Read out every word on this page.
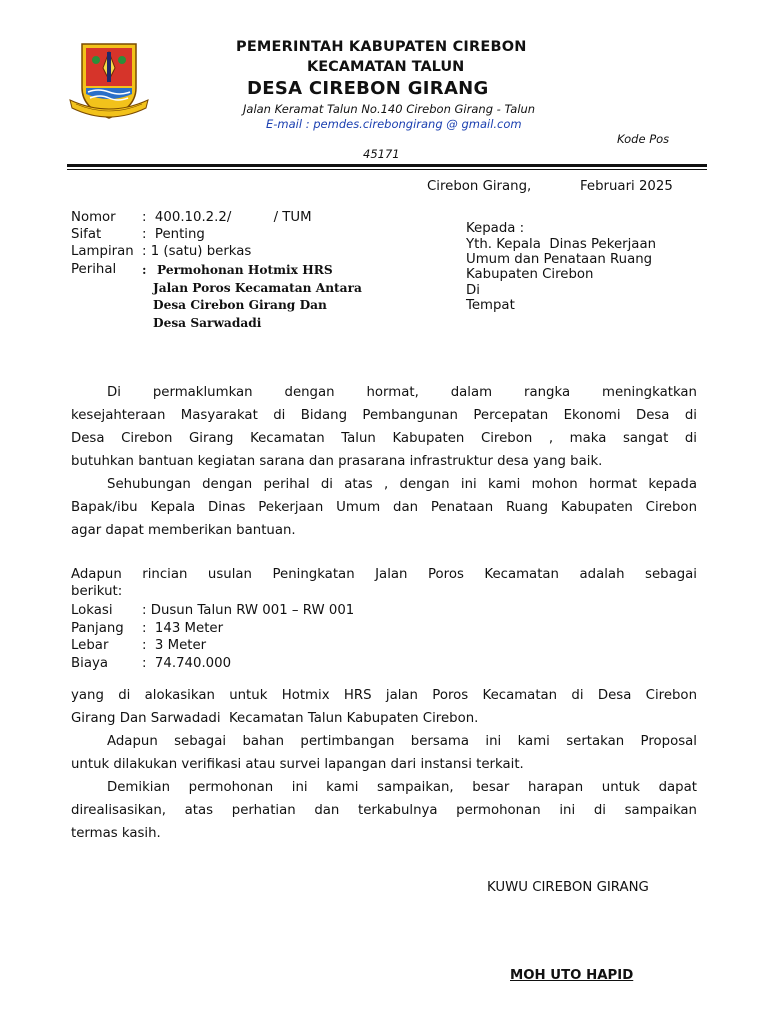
PEMERINTAH KABUPATEN CIREBON
KECAMATAN TALUN
DESA CIREBON GIRANG
Jalan Keramat Talun No.140 Cirebon Girang - Talun
E-mail : pemdes.cirebongirang @ gmail.com
Kode Pos
45171
Cirebon Girang,	Februari 2025
Nomor :  400.10.2.2/          / TUM
Sifat	:  Penting
Lampiran : 1 (satu) berkas
Perihal : Permohonan Hotmix HRS
Jalan Poros Kecamatan Antara
Desa Cirebon Girang Dan
Desa Sarwadadi
Kepada :
Yth. Kepala  Dinas Pekerjaan
Umum dan Penataan Ruang
Kabupaten Cirebon
Di
Tempat
Di permaklumkan dengan hormat, dalam rangka meningkatkan
kesejahteraan Masyarakat di Bidang Pembangunan Percepatan Ekonomi Desa di
Desa Cirebon Girang Kecamatan Talun Kabupaten Cirebon , maka sangat di
butuhkan bantuan kegiatan sarana dan prasarana infrastruktur desa yang baik.
Sehubungan dengan perihal di atas , dengan ini kami mohon hormat kepada
Bapak/ibu Kepala Dinas Pekerjaan Umum dan Penataan Ruang Kabupaten Cirebon
agar dapat memberikan bantuan.
Adapun rincian usulan Peningkatan Jalan Poros Kecamatan adalah sebagai
berikut:
Lokasi : Dusun Talun RW 001 – RW 001
Panjang :  143 Meter
Lebar	:  3 Meter
Biaya	:  74.740.000
yang di alokasikan untuk Hotmix HRS jalan Poros Kecamatan di Desa Cirebon
Girang Dan Sarwadadi  Kecamatan Talun Kabupaten Cirebon.
Adapun sebagai bahan pertimbangan bersama ini kami sertakan Proposal
untuk dilakukan verifikasi atau survei lapangan dari instansi terkait.
Demikian permohonan ini kami sampaikan, besar harapan untuk dapat
direalisasikan, atas perhatian dan terkabulnya permohonan ini di sampaikan
termas kasih.
KUWU CIREBON GIRANG
MOH UTO HAPID
